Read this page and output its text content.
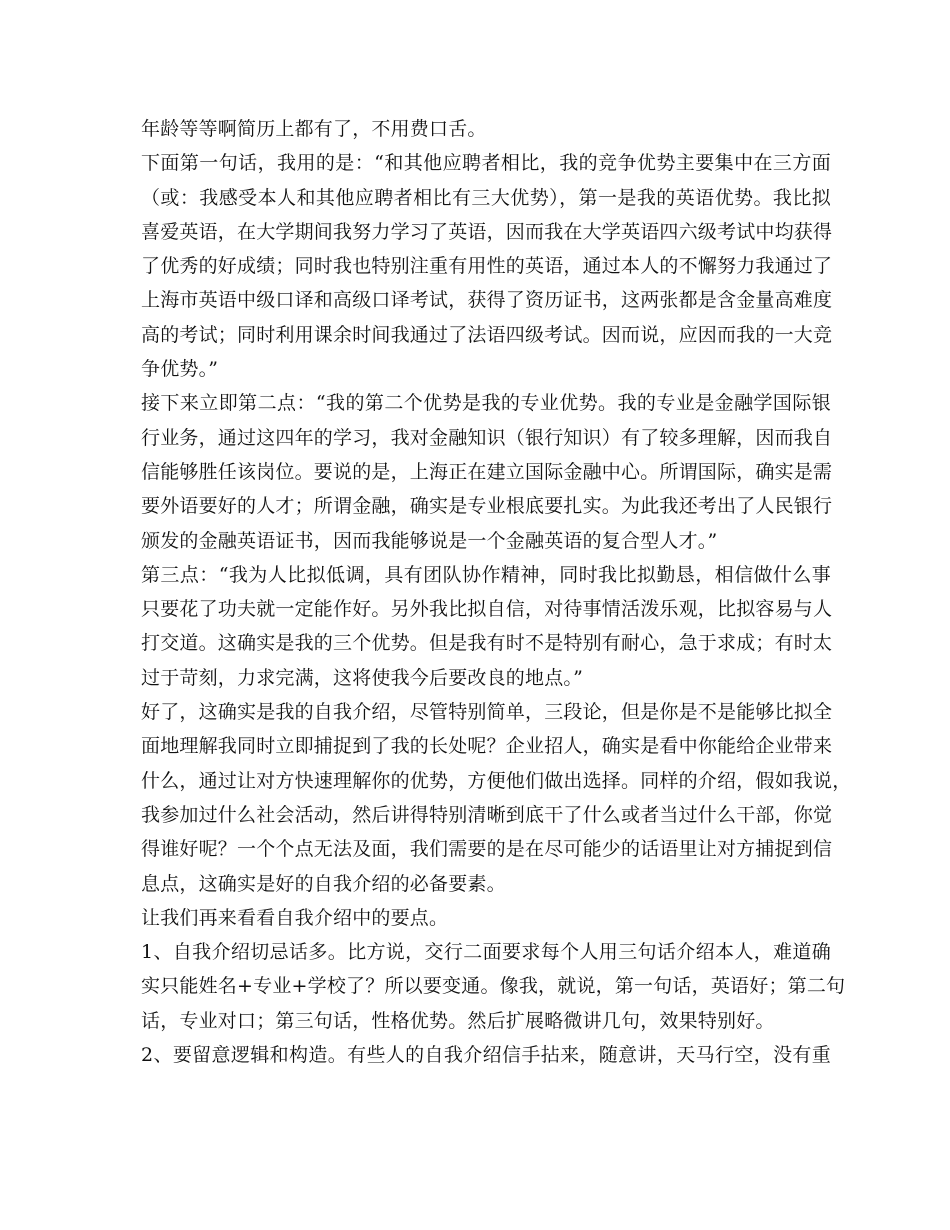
年龄等等啊简历上都有了，不用费口舌。
下面第一句话，我用的是：“和其他应聘者相比，我的竞争优势主要集中在三方面
（或：我感受本人和其他应聘者相比有三大优势），第一是我的英语优势。我比拟
喜爱英语，在大学期间我努力学习了英语，因而我在大学英语四六级考试中均获得
了优秀的好成绩；同时我也特别注重有用性的英语，通过本人的不懈努力我通过了
上海市英语中级口译和高级口译考试，获得了资历证书，这两张都是含金量高难度
高的考试；同时利用课余时间我通过了法语四级考试。因而说，应因而我的一大竞
争优势。”
接下来立即第二点：“我的第二个优势是我的专业优势。我的专业是金融学国际银
行业务，通过这四年的学习，我对金融知识（银行知识）有了较多理解，因而我自
信能够胜任该岗位。要说的是，上海正在建立国际金融中心。所谓国际，确实是需
要外语要好的人才；所谓金融，确实是专业根底要扎实。为此我还考出了人民银行
颁发的金融英语证书，因而我能够说是一个金融英语的复合型人才。”
第三点：“我为人比拟低调，具有团队协作精神，同时我比拟勤恳，相信做什么事
只要花了功夫就一定能作好。另外我比拟自信，对待事情活泼乐观，比拟容易与人
打交道。这确实是我的三个优势。但是我有时不是特别有耐心，急于求成；有时太
过于苛刻，力求完满，这将使我今后要改良的地点。”
好了，这确实是我的自我介绍，尽管特别简单，三段论，但是你是不是能够比拟全
面地理解我同时立即捕捉到了我的长处呢？企业招人，确实是看中你能给企业带来
什么，通过让对方快速理解你的优势，方便他们做出选择。同样的介绍，假如我说，
我参加过什么社会活动，然后讲得特别清晰到底干了什么或者当过什么干部，你觉
得谁好呢？一个个点无法及面，我们需要的是在尽可能少的话语里让对方捕捉到信
息点，这确实是好的自我介绍的必备要素。
让我们再来看看自我介绍中的要点。
1、自我介绍切忌话多。比方说，交行二面要求每个人用三句话介绍本人，难道确
实只能姓名+专业+学校了？所以要变通。像我，就说，第一句话，英语好；第二句
话，专业对口；第三句话，性格优势。然后扩展略微讲几句，效果特别好。
2、要留意逻辑和构造。有些人的自我介绍信手拈来，随意讲，天马行空，没有重
